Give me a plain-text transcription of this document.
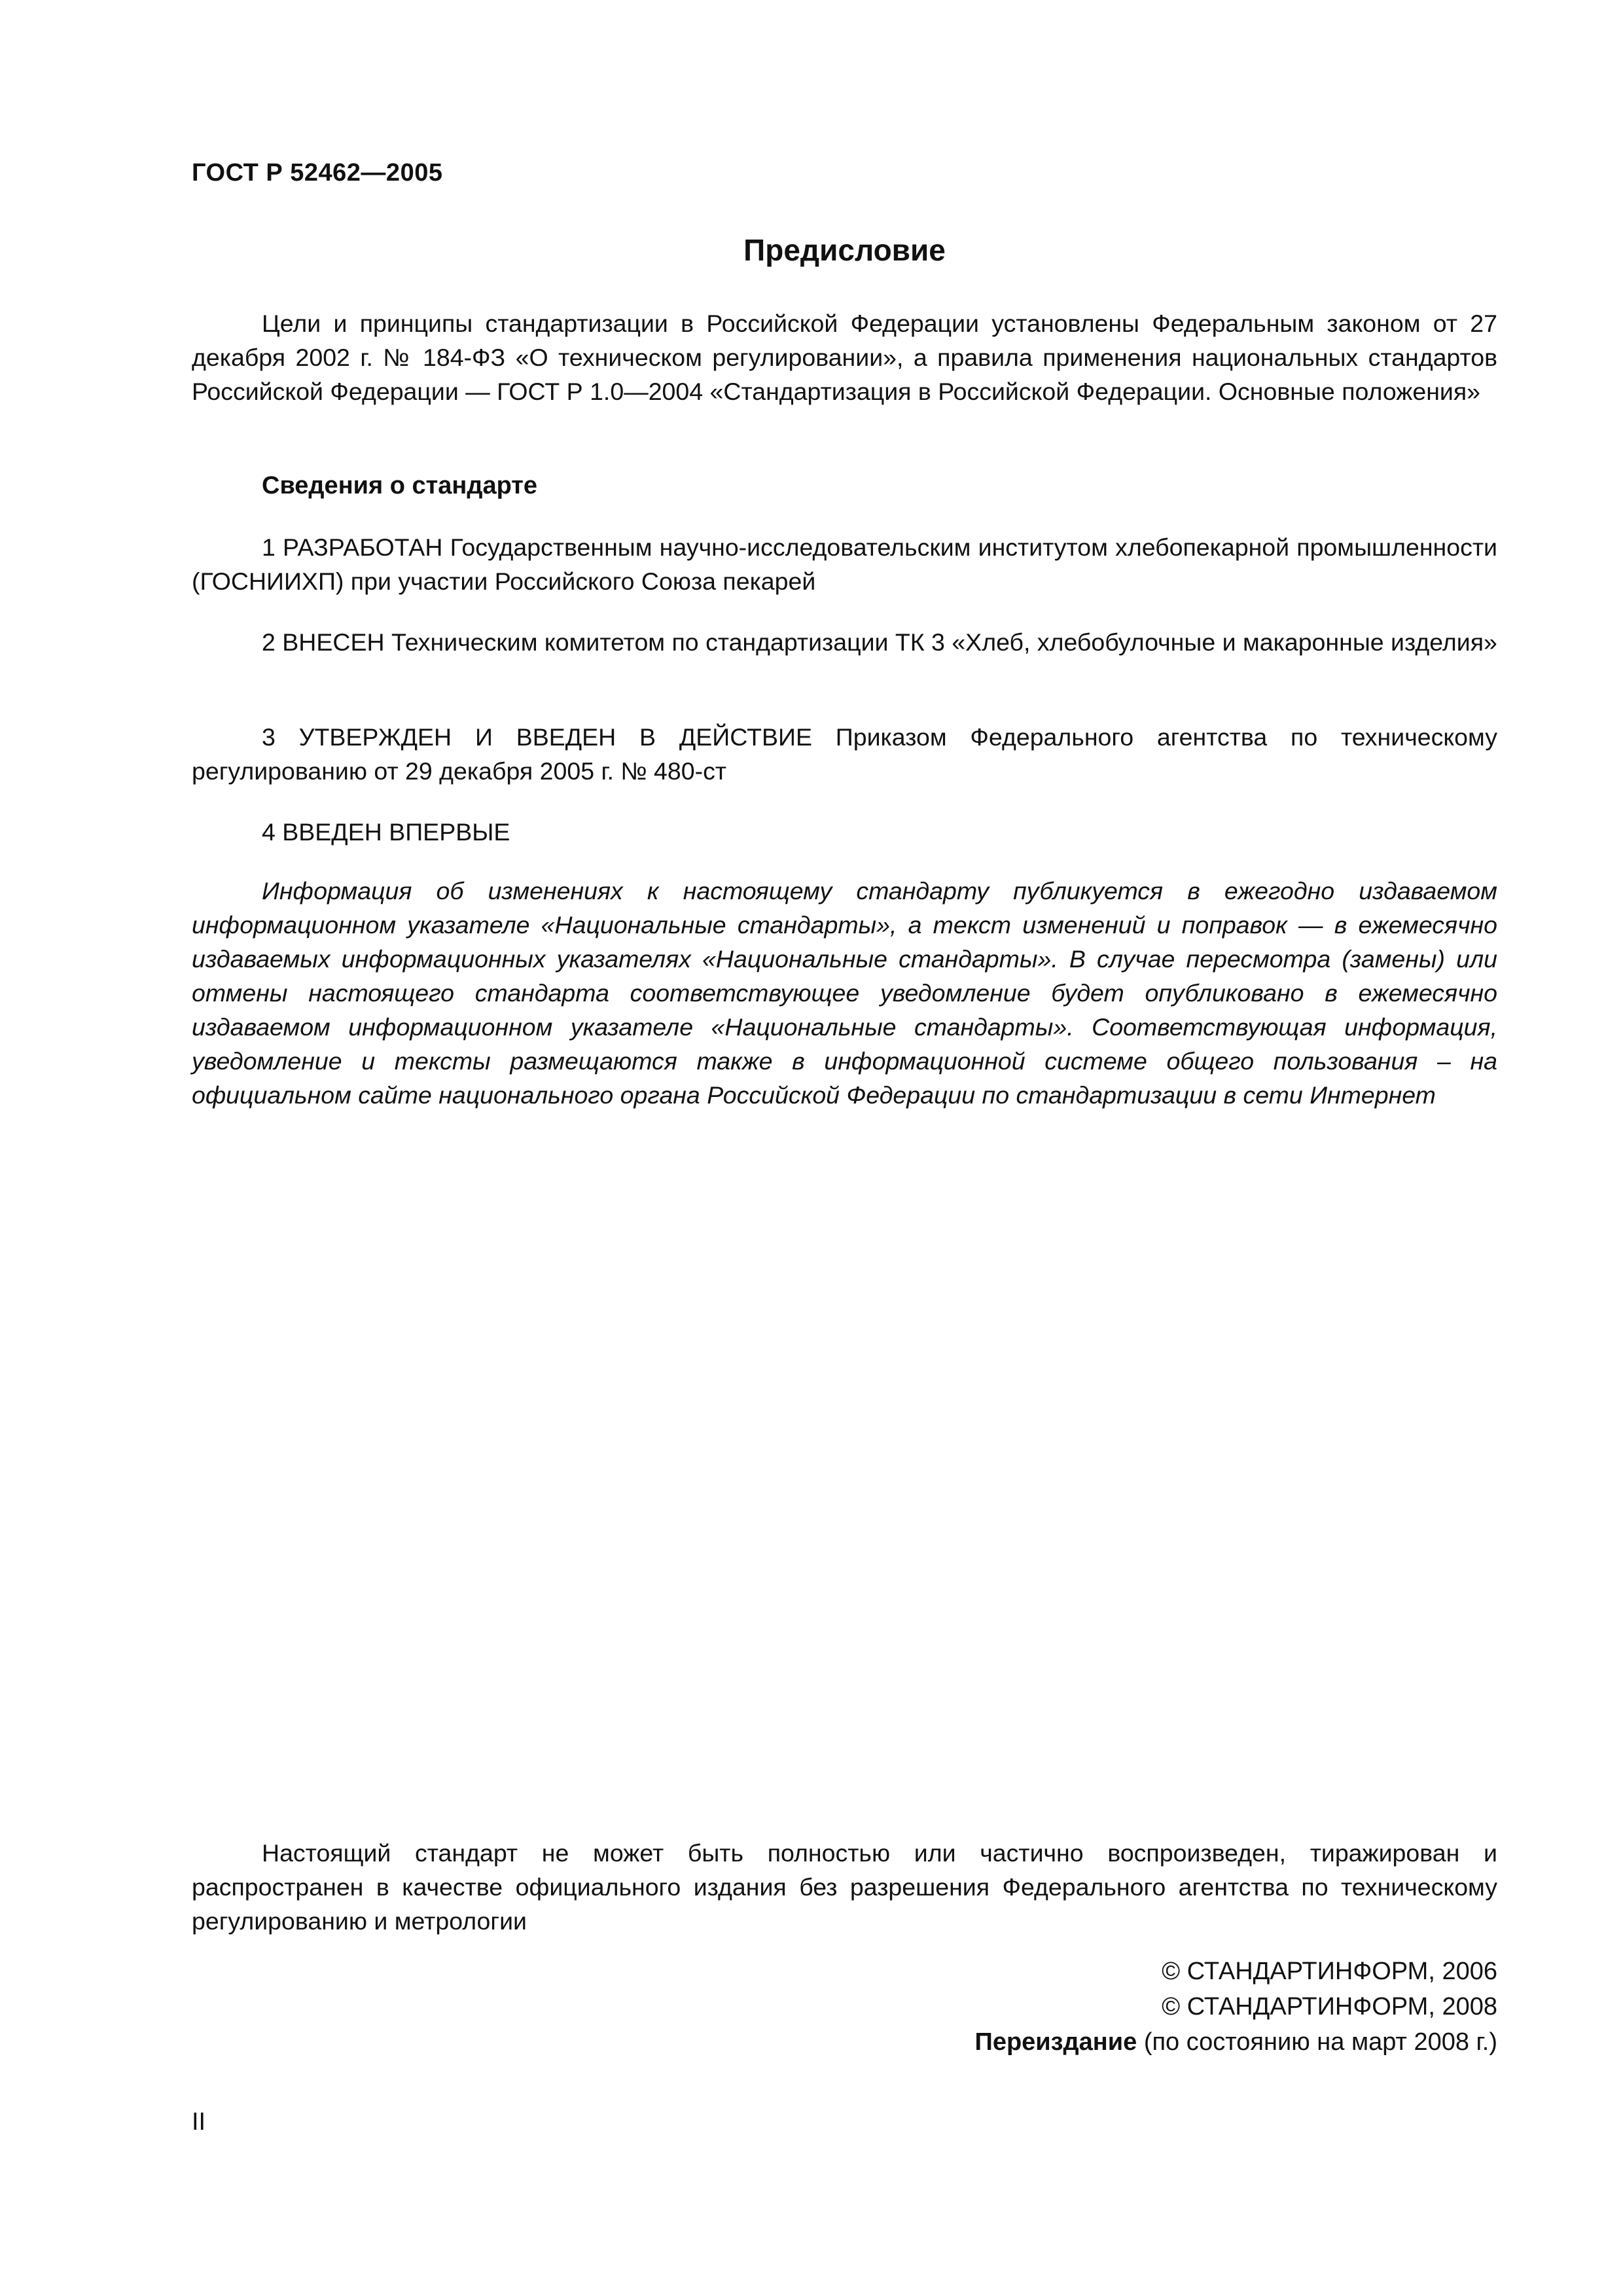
ГОСТ Р 52462—2005
Предисловие

Цели и принципы стандартизации в Российской Федерации установлены Федеральным законом от 27 декабря 2002 г. № 184-ФЗ «О техническом регулировании», а правила применения национальных стандартов Российской Федерации — ГОСТ Р 1.0—2004 «Стандартизация в Российской Федерации. Основные положения»

Сведения о стандарте

1 РАЗРАБОТАН Государственным научно-исследовательским институтом хлебопекарной промышленности (ГОСНИИХП) при участии Российского Союза пекарей

2 ВНЕСЕН Техническим комитетом по стандартизации ТК 3 «Хлеб, хлебобулочные и макаронные изделия»

3 УТВЕРЖДЕН И ВВЕДЕН В ДЕЙСТВИЕ Приказом Федерального агентства по техническому регулированию от 29 декабря 2005 г. № 480-ст

4 ВВЕДЕН ВПЕРВЫЕ

Информация об изменениях к настоящему стандарту публикуется в ежегодно издаваемом информационном указателе «Национальные стандарты», а текст изменений и поправок — в ежемесячно издаваемых информационных указателях «Национальные стандарты». В случае пересмотра (замены) или отмены настоящего стандарта соответствующее уведомление будет опубликовано в ежемесячно издаваемом информационном указателе «Национальные стандарты». Соответствующая информация, уведомление и тексты размещаются также в информационной системе общего пользования – на официальном сайте национального органа Российской Федерации по стандартизации в сети Интернет

Настоящий стандарт не может быть полностью или частично воспроизведен, тиражирован и распространен в качестве официального издания без разрешения Федерального агентства по техническому регулированию и метрологии

© СТАНДАРТИНФОРМ, 2006
© СТАНДАРТИНФОРМ, 2008
Переиздание (по состоянию на март 2008 г.)
II
